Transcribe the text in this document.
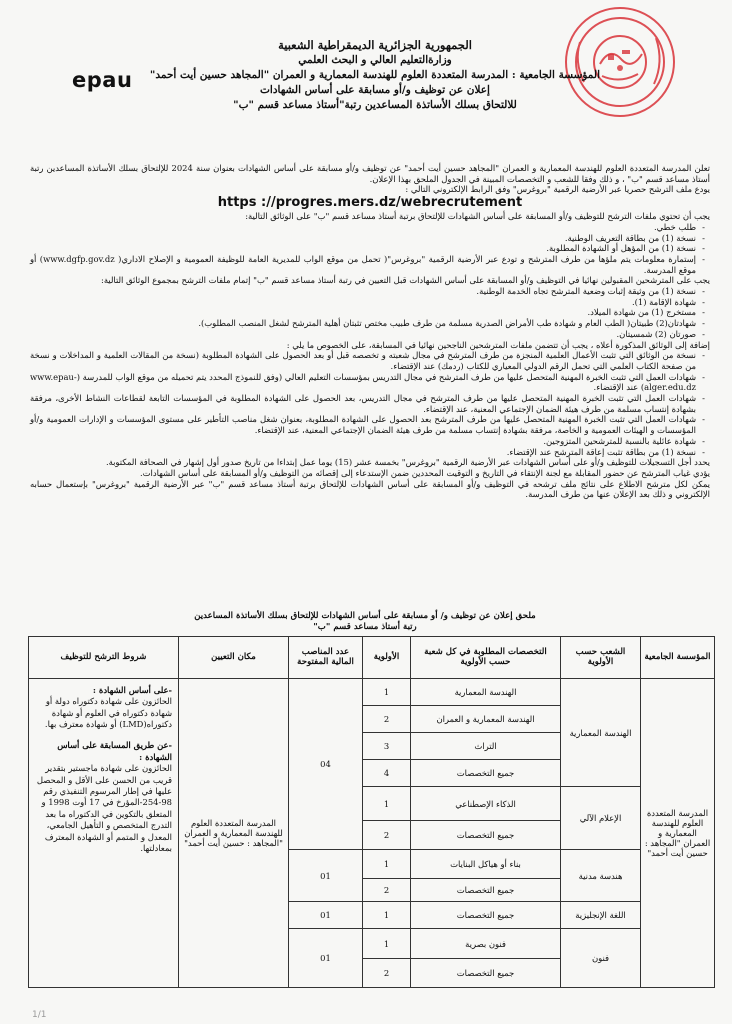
الجمهورية الجزائرية الديمقراطية الشعبية
وزارةالتعليم العالي و البحث العلمي
المؤسسة الجامعية : المدرسة المتعددة العلوم للهندسة المعمارية و العمران "المجاهد حسين أيت أحمد"
إعلان عن توظيف و/أو مسابقة على أساس الشهادات
للالتحاق بسلك الأساتذة المساعدين رتبة"أستاذ مساعد قسم "ب"
epau

تعلن المدرسة المتعددة العلوم للهندسة المعمارية و العمران "المجاهد حسين أيت أحمد" عن توظيف و/أو مسابقة على أساس الشهادات بعنوان سنة 2024 للإلتحاق بسلك الأساتذة المساعدين رتبة أستاذ مساعد قسم "ب" ، و ذلك وفقا للشعب و التخصصات المبينة في الجدول الملحق بهذا الإعلان.

يودع ملف الترشح حصريا عبر الأرضية الرقمية "بروغرس" وفق الرابط الإلكتروني التالي :

https ://progres.mers.dz/webrecrutement

يجب أن تحتوي ملفات الترشح للتوظيف و/أو المسابقة على أساس الشهادات للإلتحاق برتبة أستاذ مساعد قسم "ب" على الوثائق التالية:

- طلب خطي.
- نسخة (1) من بطاقة التعريف الوطنية.
- نسخة (1) من المؤهل أو الشهادة المطلوبة.
- إستمارة معلومات يتم ملؤها من طرف المترشح و تودع عبر الأرضية الرقمية "بروغرس"( تحمل من موقع الواب للمديرية العامة للوظيفة العمومية و الإصلاح الاداري( www.dgfp.gov.dz) أو موقع المدرسة.

يجب على المترشحين المقبولين نهائيا في التوظيف و/أو المسابقة على أساس الشهادات قبل التعيين في رتبة أستاذ مساعد قسم "ب" إتمام ملفات الترشح بمجموع الوثائق التالية:

- نسخة (1) من وثيقة إثبات وضعية المترشح تجاه الخدمة الوطنية.
- شهادة الإقامة (1).
- مستخرج (1) من شهادة الميلاد.
- شهادتان(2) طبيتان( الطب العام و شهادة طب الأمراض الصدرية مسلمة من طرف طبيب مختص تثبتان أهلية المترشح لشغل المنصب المطلوب).
- صورتان (2) شمسيتان.

إضافة إلى الوثائق المذكورة أعلاه ، يجب أن تتضمن ملفات المترشحين الناجحين نهائيا في المسابقة، على الخصوص ما يلي :

- نسخة من الوثائق التي تثبت الأعمال العلمية المنجزة من طرف المترشح في مجال شعبته و تخصصه قبل أو بعد الحصول على الشهادة المطلوبة (نسخة من المقالات العلمية و المداخلات و نسخة من صفحة الكتاب العلمي التي تحمل الرقم الدولي المعياري للكتاب (ردمك) عند الإقتضاء.
- شهادات العمل التي تثبت الخبرة المهنية المتحصل عليها من طرف المترشح في مجال التدريس بمؤسسات التعليم العالي (وفق للنموذج المحدد يتم تحميله من موقع الواب للمدرسة (www.epau-alger.edu.dz) عند الإقتضاء.
- شهادات العمل التي تثبت الخبرة المهنية المتحصل عليها من طرف المترشح في مجال التدريس، بعد الحصول على الشهادة المطلوبة في المؤسسات التابعة لقطاعات النشاط الأخرى، مرفقة بشهادة إنتساب مسلمة من طرف هيئة الضمان الإجتماعي المعنية، عند الإقتضاء.
- شهادات العمل التي تثبت الخبرة المهنية المتحصل عليها من طرف المترشح بعد الحصول على الشهادة المطلوبة، بعنوان شغل مناصب التأطير على مستوى المؤسسات و الإدارات العمومية و/أو المؤسسات و الهيئات العمومية و الخاصة، مرفقة بشهادة إنتساب مسلمة من طرف هيئة الضمان الإجتماعي المعنية، عند الإقتضاء.
- شهادة عائلية بالنسبة للمترشحين المتزوجين.
- نسخة (1) من بطاقة تثبت إعاقة المترشح عند الإقتضاء.

يحدد أجل التسجيلات للتوظيف و/أو على أساس الشهادات عبر الأرضية الرقمية "بروغرس" بخمسة عشر (15) يوما عمل إبتداءا من تاريخ صدور أول إشهار في الصحافة المكتوبة.

يؤدي غياب المترشح عن حضور المقابلة مع لجنة الإنتقاء في التاريخ و التوقيت المحددين ضمن الإستدعاء إلى إقصائه من التوظيف و/أو المسابقة على أساس الشهادات.

يمكن لكل مترشح الاطلاع على نتائج ملف ترشحه في التوظيف و/أو المسابقة على أساس الشهادات للإلتحاق برتبة أستاذ مساعد قسم "ب" عبر الأرضية الرقمية "بروغرس" بإستعمال حسابه الإلكتروني و ذلك بعد الإعلان عنها من طرف المدرسة.

ملحق إعلان عن توظيف و/ أو مسابقة على أساس الشهادات للإلتحاق بسلك الأساتذة المساعدين
رتبة أستاذ مساعد قسم "ب"
المؤسسة الجامعية	الشعب حسب الأولوية	التخصصات المطلوبة في كل شعبة حسب الأولوية	الأولوية	عدد المناصب المالية المفتوحة	مكان التعيين	شروط الترشح للتوظيف
المدرسة المتعددة العلوم للهندسة المعمارية و العمران "المجاهد : حسين أيت أحمد"	الهندسة المعمارية	الهندسة المعمارية	1	04	المدرسة المتعددة العلوم للهندسة المعمارية و العمران "المجاهد : حسين أيت أحمد"	-على أساس الشهادة :
الحائزون على شهادة دكتوراه دولة أو شهادة دكتوراه في العلوم أو شهادة دكتوراه(LMD) أو شهادة معترف بها.
-عن طريق المسابقة على أساس الشهادة :
الحائزون على شهادة ماجستير بتقدير قريب من الحسن على الأقل و المحصل عليها في إطار المرسوم التنفيذي رقم 98-254-المؤرخ في 17 أوت 1998 و المتعلق بالتكوين في الدكتوراه ما بعد التدرج المتخصص و التأهيل الجامعي، المعدل و المتمم أو الشهادة المعترف بمعادلتها.

		الهندسة المعمارية و العمران	2			
		التراث	3			
		جميع التخصصات	4			
	الإعلام الآلي	الذكاء الإصطناعي	1			
		جميع التخصصات	2			
	هندسة مدنية	بناء أو هياكل البنايات	1	01		
		جميع التخصصات	2			
	اللغة الإنجليزية	جميع التخصصات	1	01		
	فنون	فنون بصرية	1	01		
		جميع التخصصات	2			
1/1
